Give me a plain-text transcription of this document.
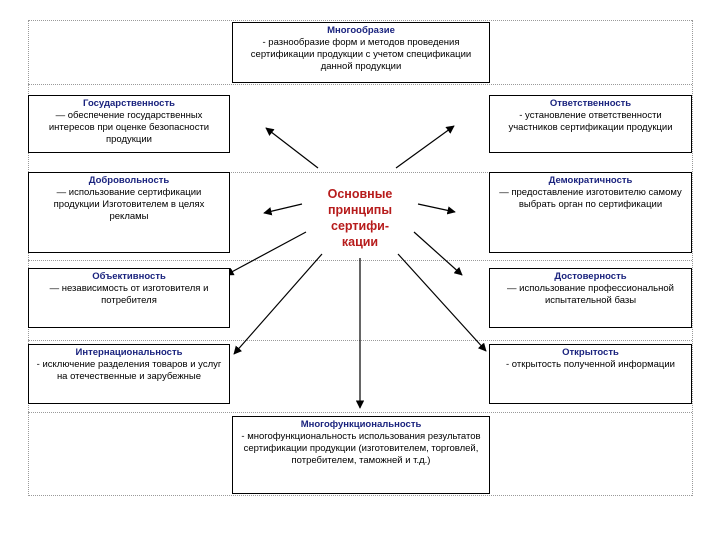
Многообразие
- разнообразие форм и методов проведения сертификации продукции с учетом спецификации данной продукции
Государственность
— обеспечение государственных интересов при оценке безопасности продукции
Ответственность
- установление ответственности участников сертификации продукции
Добровольность
— использование сертификации продукции Изготовителем в целях рекламы
Демократичность
— предоставление изготовителю самому выбрать орган по сертификации
Основные
принципы
сертифи-
кации
Объективность
— независимость от изготовителя и потребителя
Достоверность
— использование профессиональной испытательной базы
Интернациональность
- исключение разделения товаров и услуг на отечественные и зарубежные
Открытость
- открытость полученной информации
Многофункциональность
- многофункциональность использования результатов сертификации продукции (изготовителем, торговлей, потребителем, таможней и т.д.)
